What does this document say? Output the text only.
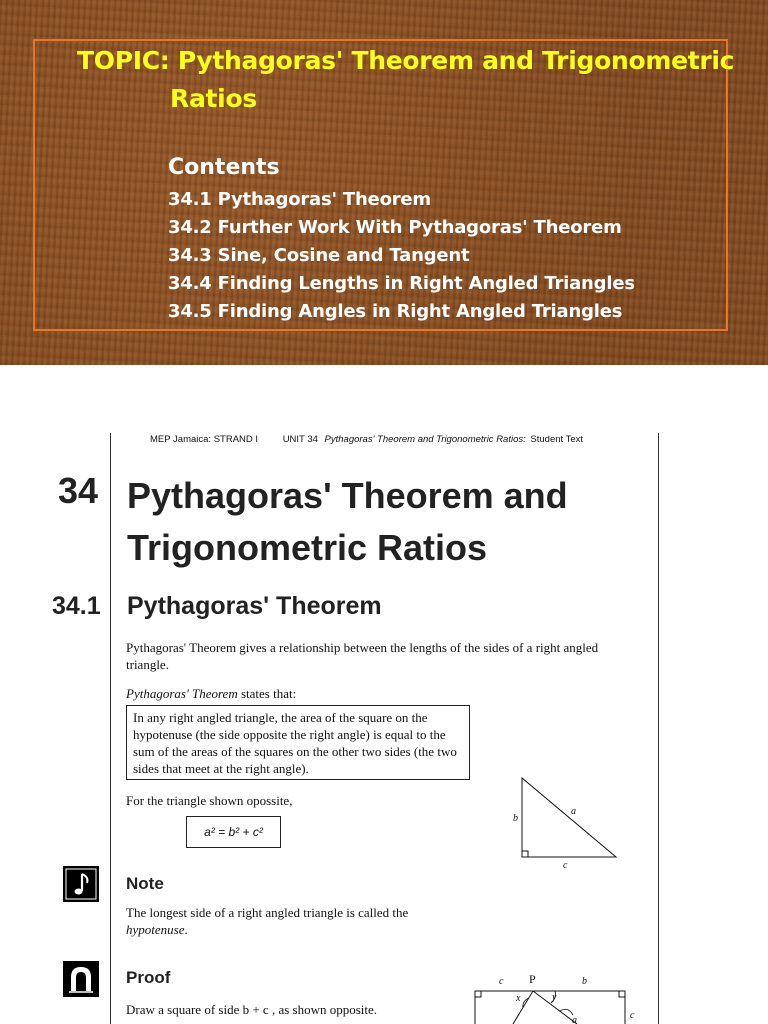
TOPIC: Pythagoras' Theorem and Trigonometric
Ratios
Contents
34.1 Pythagoras' Theorem
34.2 Further Work With Pythagoras' Theorem
34.3 Sine, Cosine and Tangent
34.4 Finding Lengths in Right Angled Triangles
34.5 Finding Angles in Right Angled Triangles
MEP Jamaica: STRAND I	UNIT 34 Pythagoras' Theorem and Trigonometric Ratios: Student Text
34 Pythagoras' Theorem and
Trigonometric Ratios
34.1 Pythagoras' Theorem

Pythagoras' Theorem gives a relationship between the lengths of the sides of a right angled triangle.

Pythagoras' Theorem states that:

In any right angled triangle, the area of the square on the hypotenuse (the side opposite the right angle) is equal to the sum of the areas of the squares on the other two sides (the two sides that meet at the right angle).

For the triangle shown opossite,

a² = b² + c²
a
b
c
Note

The longest side of a right angled triangle is called the hypotenuse.

Proof

Draw a square of side b + c , as shown opposite.

c P	b
x	y
a	c
